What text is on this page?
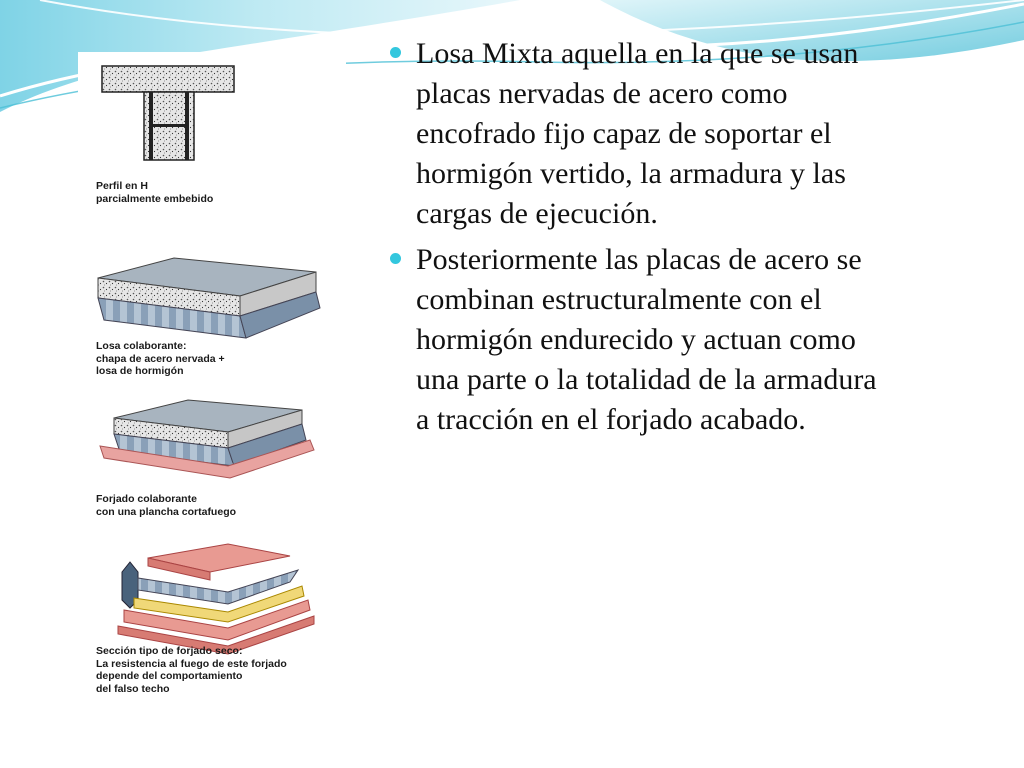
Perfil en H
parcialmente embebido
Losa colaborante:
chapa de acero nervada +
losa de hormigón
Forjado colaborante
con una plancha cortafuego
Sección tipo de forjado seco:
La resistencia al fuego de este forjado
depende del comportamiento
del falso techo
Losa Mixta aquella en la que se usan placas nervadas de acero como encofrado fijo capaz de soportar el hormigón vertido, la armadura y las cargas de ejecución.
Posteriormente las placas de acero se combinan estructuralmente con el hormigón endurecido y actuan como una parte o la totalidad de la armadura a tracción en el forjado acabado.
